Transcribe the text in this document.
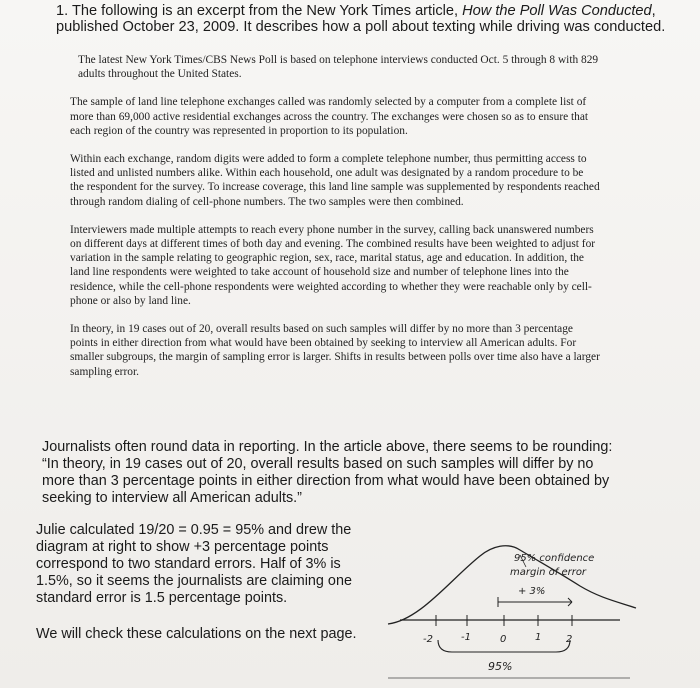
1. The following is an excerpt from the New York Times article, How the Poll Was Conducted, published October 23, 2009. It describes how a poll about texting while driving was conducted.

The latest New York Times/CBS News Poll is based on telephone interviews conducted Oct. 5 through 8 with 829 adults throughout the United States.

The sample of land line telephone exchanges called was randomly selected by a computer from a complete list of more than 69,000 active residential exchanges across the country. The exchanges were chosen so as to ensure that each region of the country was represented in proportion to its population.

Within each exchange, random digits were added to form a complete telephone number, thus permitting access to listed and unlisted numbers alike. Within each household, one adult was designated by a random procedure to be the respondent for the survey. To increase coverage, this land line sample was supplemented by respondents reached through random dialing of cell-phone numbers. The two samples were then combined.

Interviewers made multiple attempts to reach every phone number in the survey, calling back unanswered numbers on different days at different times of both day and evening. The combined results have been weighted to adjust for variation in the sample relating to geographic region, sex, race, marital status, age and education. In addition, the land line respondents were weighted to take account of household size and number of telephone lines into the residence, while the cell-phone respondents were weighted according to whether they were reachable only by cell-phone or also by land line.

In theory, in 19 cases out of 20, overall results based on such samples will differ by no more than 3 percentage points in either direction from what would have been obtained by seeking to interview all American adults. For smaller subgroups, the margin of sampling error is larger. Shifts in results between polls over time also have a larger sampling error.

Journalists often round data in reporting. In the article above, there seems to be rounding: “In theory, in 19 cases out of 20, overall results based on such samples will differ by no more than 3 percentage points in either direction from what would have been obtained by seeking to interview all American adults.”

Julie calculated 19/20 = 0.95 = 95% and drew the diagram at right to show +3 percentage points correspond to two standard errors. Half of 3% is 1.5%, so it seems the journalists are claiming one standard error is 1.5 percentage points.

We will check these calculations on the next page.

95% confidence
margin of error
+ 3%
-2	-1	0	1 2
95%
